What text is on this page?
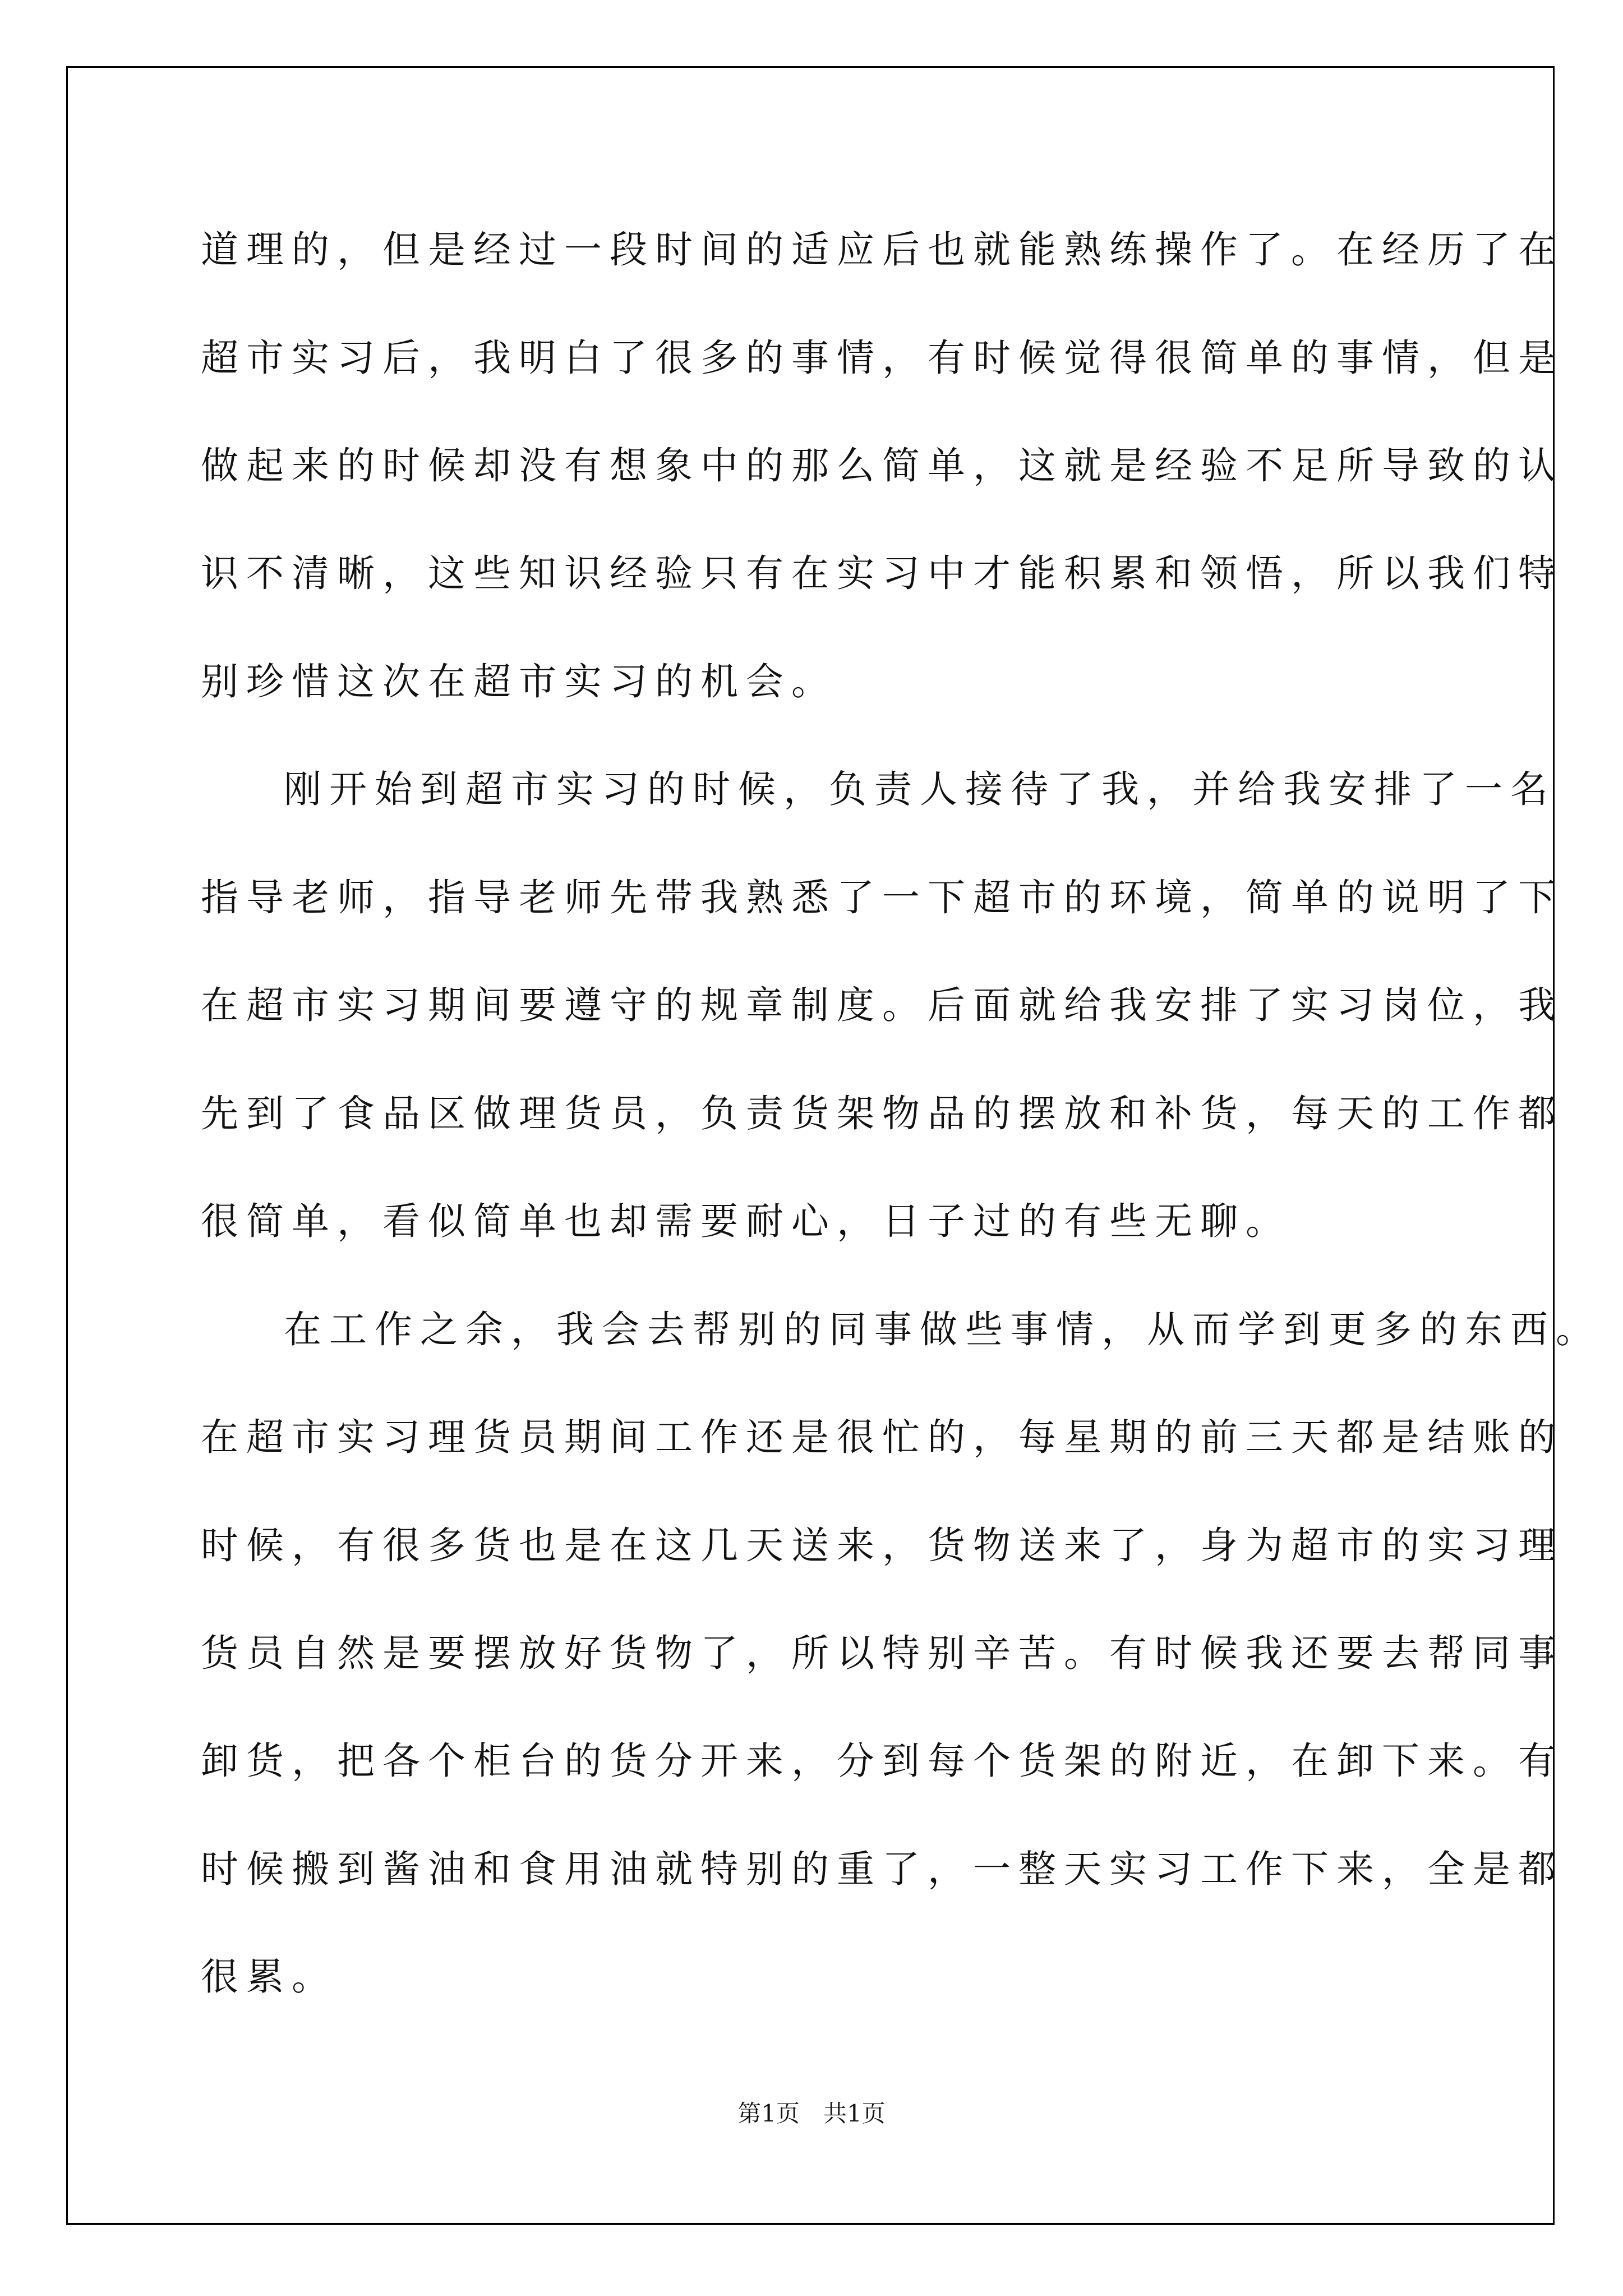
道理的，但是经过一段时间的适应后也就能熟练操作了。在经历了在

超市实习后，我明白了很多的事情，有时候觉得很简单的事情，但是

做起来的时候却没有想象中的那么简单，这就是经验不足所导致的认

识不清晰，这些知识经验只有在实习中才能积累和领悟，所以我们特

别珍惜这次在超市实习的机会。

刚开始到超市实习的时候，负责人接待了我，并给我安排了一名

指导老师，指导老师先带我熟悉了一下超市的环境，简单的说明了下

在超市实习期间要遵守的规章制度。后面就给我安排了实习岗位，我

先到了食品区做理货员，负责货架物品的摆放和补货，每天的工作都

很简单，看似简单也却需要耐心，日子过的有些无聊。

在工作之余，我会去帮别的同事做些事情，从而学到更多的东西。

在超市实习理货员期间工作还是很忙的，每星期的前三天都是结账的

时候，有很多货也是在这几天送来，货物送来了，身为超市的实习理

货员自然是要摆放好货物了，所以特别辛苦。有时候我还要去帮同事

卸货，把各个柜台的货分开来，分到每个货架的附近，在卸下来。有

时候搬到酱油和食用油就特别的重了，一整天实习工作下来，全是都

很累。

第1页　共1页
